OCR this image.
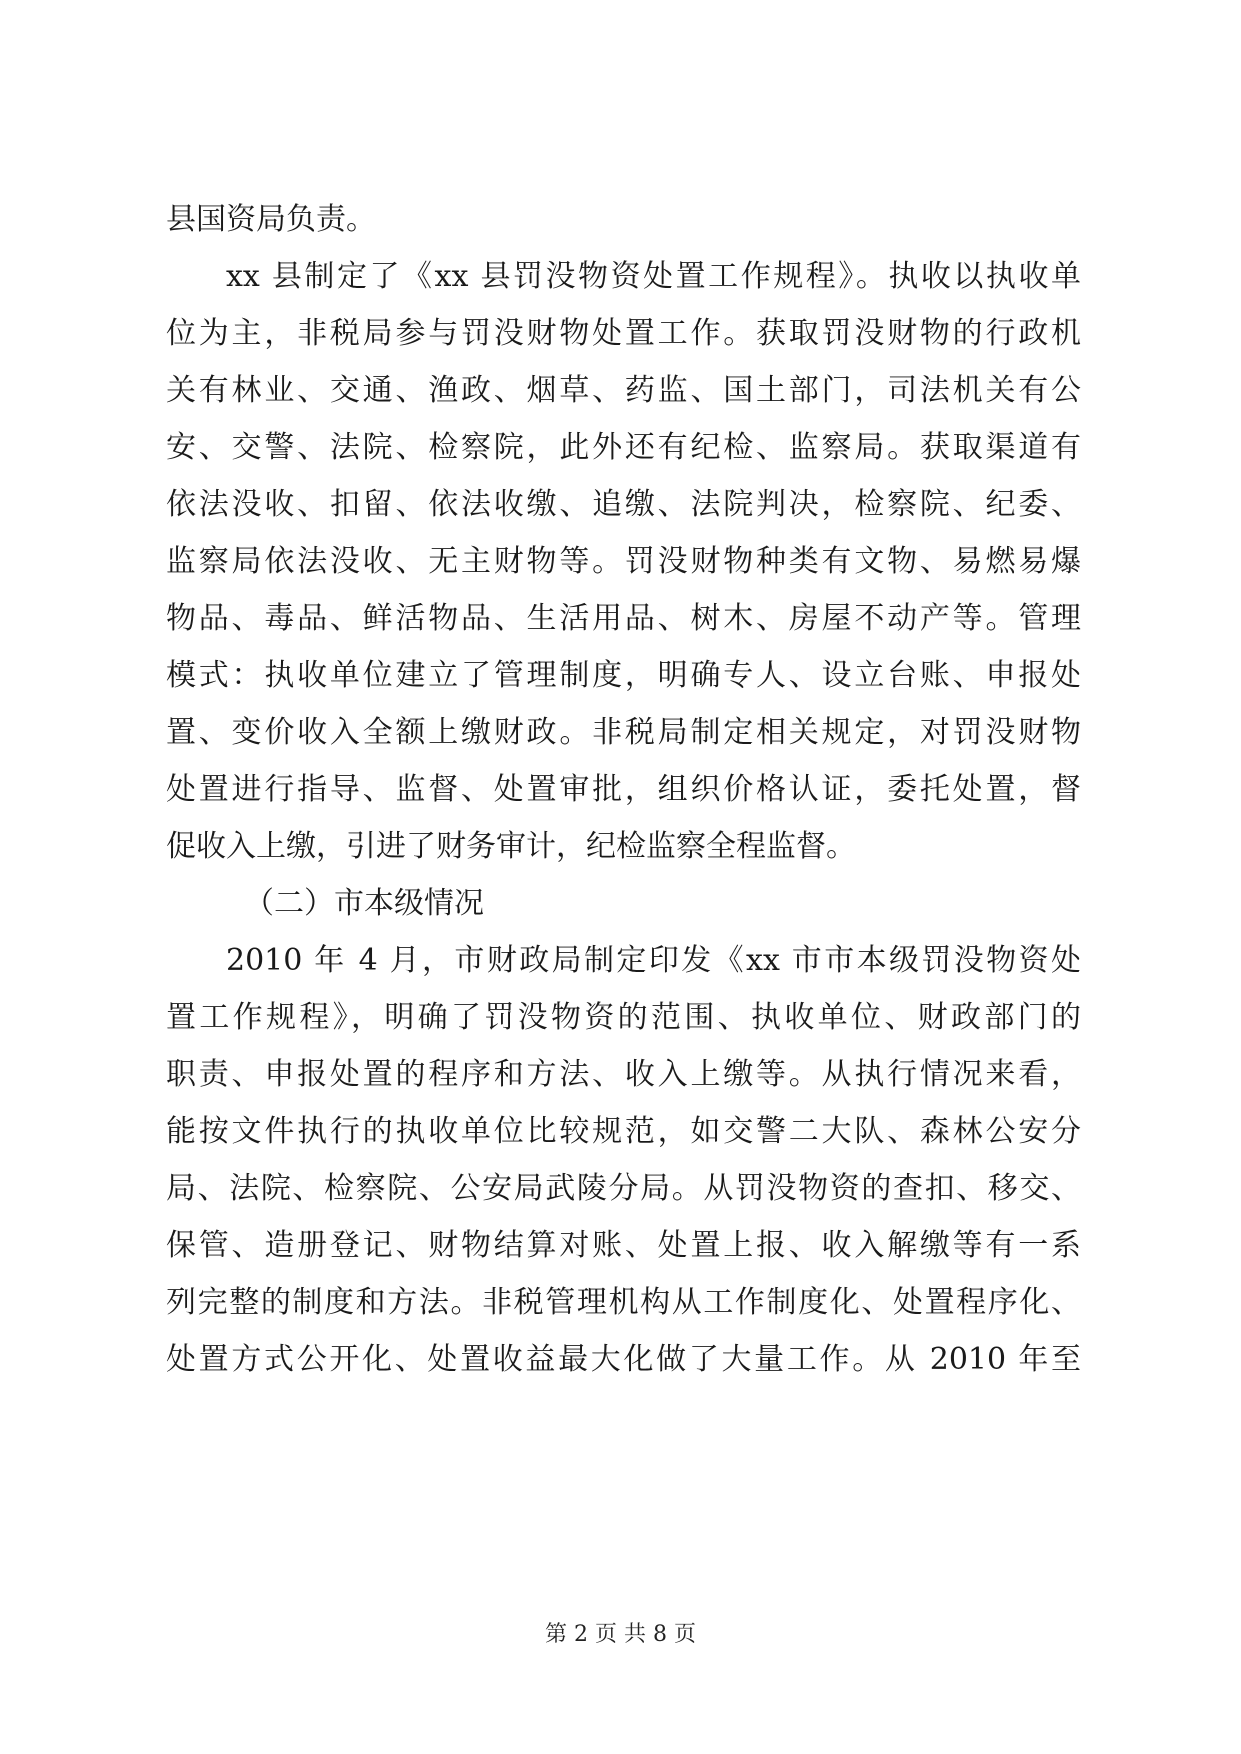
县国资局负责。
xx 县制定了《xx 县罚没物资处置工作规程》。执收以执收单
位为主，非税局参与罚没财物处置工作。获取罚没财物的行政机
关有林业、交通、渔政、烟草、药监、国土部门，司法机关有公
安、交警、法院、检察院，此外还有纪检、监察局。获取渠道有
依法没收、扣留、依法收缴、追缴、法院判决，检察院、纪委、
监察局依法没收、无主财物等。罚没财物种类有文物、易燃易爆
物品、毒品、鲜活物品、生活用品、树木、房屋不动产等。管理
模式：执收单位建立了管理制度，明确专人、设立台账、申报处
置、变价收入全额上缴财政。非税局制定相关规定，对罚没财物
处置进行指导、监督、处置审批，组织价格认证，委托处置，督
促收入上缴，引进了财务审计，纪检监察全程监督。
（二）市本级情况
2010 年 4 月，市财政局制定印发《xx 市市本级罚没物资处
置工作规程》，明确了罚没物资的范围、执收单位、财政部门的
职责、申报处置的程序和方法、收入上缴等。从执行情况来看，
能按文件执行的执收单位比较规范，如交警二大队、森林公安分
局、法院、检察院、公安局武陵分局。从罚没物资的查扣、移交、
保管、造册登记、财物结算对账、处置上报、收入解缴等有一系
列完整的制度和方法。非税管理机构从工作制度化、处置程序化、
处置方式公开化、处置收益最大化做了大量工作。从 2010 年至
第 2 页 共 8 页
